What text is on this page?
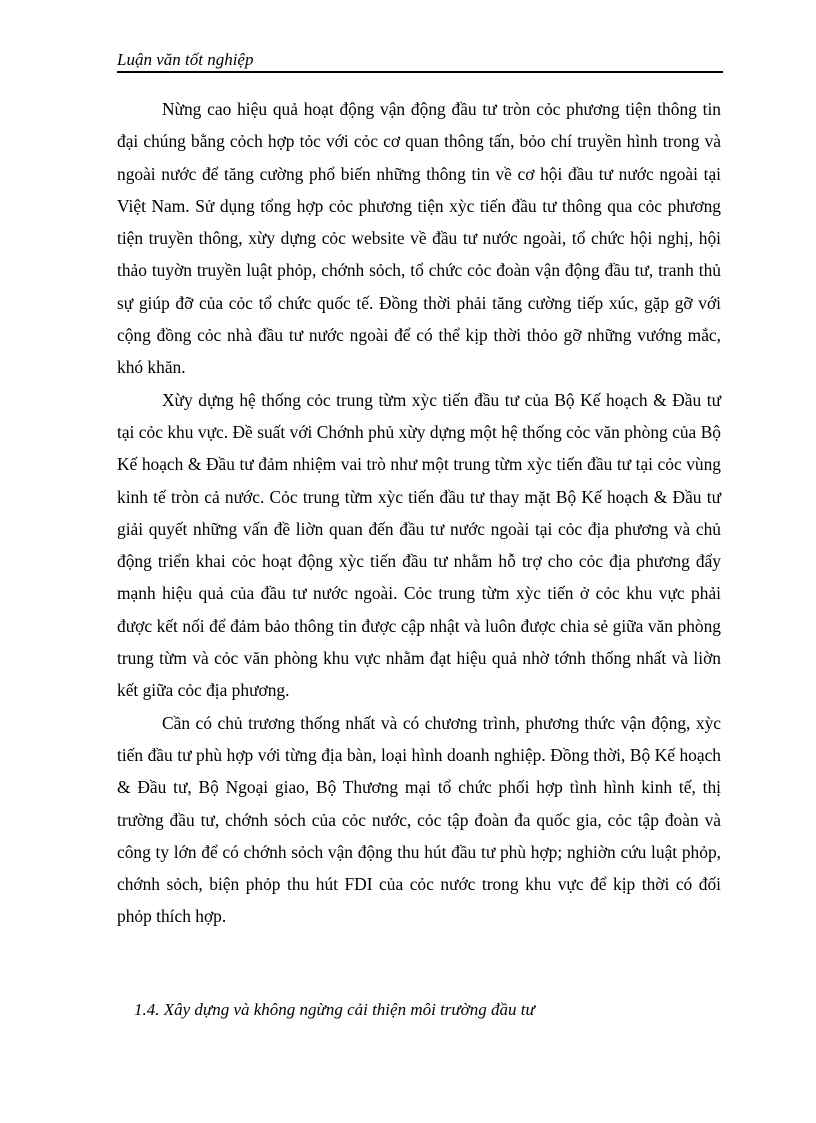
Luận văn tốt nghiệp

Nừng cao hiệu quả hoạt động vận động đầu tư tròn cỏc phương tiện thông tin đại chúng bằng cỏch hợp tỏc với cỏc cơ quan thông tấn, bỏo chí truyền hình trong và ngoài nước để tăng cường phổ biến những thông tin về cơ hội đầu tư nước ngoài tại Việt Nam. Sử dụng tổng hợp cỏc phương tiện xỳc tiến đầu tư thông qua cỏc phương tiện truyền thông, xừy dựng cỏc website về đầu tư nước ngoài, tổ chức hội nghị, hội thảo tuyờn truyền luật phỏp, chớnh sỏch, tổ chức cỏc đoàn vận động đầu tư, tranh thủ sự giúp đỡ của cỏc tổ chức quốc tế. Đồng thời phải tăng cường tiếp xúc, gặp gỡ với cộng đồng cỏc nhà đầu tư nước ngoài để có thể kịp thời thỏo gỡ những vướng mắc, khó khăn.

Xừy dựng hệ thống cỏc trung từm xỳc tiến đầu tư của Bộ Kế hoạch & Đầu tư tại cỏc khu vực. Đề suất với Chớnh phủ xừy dựng một hệ thống cỏc văn phòng của Bộ Kế hoạch & Đầu tư đảm nhiệm vai trò như một trung từm xỳc tiến đầu tư tại cỏc vùng kinh tế tròn cả nước. Cỏc trung từm xỳc tiến đầu tư thay mặt Bộ Kế hoạch & Đầu tư giải quyết những vấn đề liờn quan đến đầu tư nước ngoài tại cỏc địa phương và chủ động triển khai cỏc hoạt động xỳc tiến đầu tư nhằm hỗ trợ cho cỏc địa phương đẩy mạnh hiệu quả của đầu tư nước ngoài. Cỏc trung từm xỳc tiến ở cỏc khu vực phải được kết nối để đảm bảo thông tin được cập nhật và luôn được chia sẻ giữa văn phòng trung từm và cỏc văn phòng khu vực nhằm đạt hiệu quả nhờ tớnh thống nhất và liờn kết giữa cỏc địa phương.

Cần có chủ trương thống nhất và có chương trình, phương thức vận động, xỳc tiến đầu tư phù hợp với từng địa bàn, loại hình doanh nghiệp. Đồng thời, Bộ Kế hoạch & Đầu tư, Bộ Ngoại giao, Bộ Thương mại tổ chức phối hợp tình hình kinh tế, thị trường đầu tư, chớnh sỏch của cỏc nước, cỏc tập đoàn đa quốc gia, cỏc tập đoàn và công ty lớn để có chớnh sỏch vận động thu hút đầu tư phù hợp; nghiờn cứu luật phỏp, chớnh sỏch, biện phỏp thu hút FDI của cỏc nước trong khu vực để kịp thời có đối phỏp thích hợp.

1.4. Xây dựng và không ngừng cải thiện môi trường đầu tư
